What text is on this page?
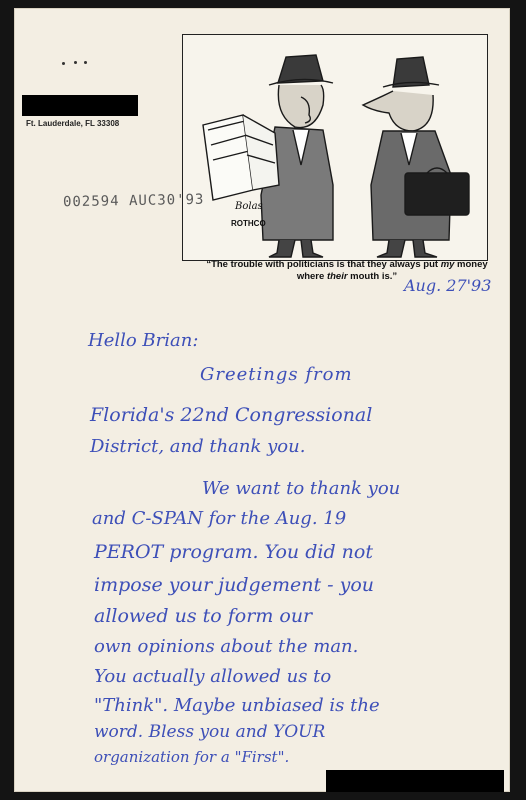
Ft. Lauderdale, FL 33308
Bolas
ROTHCO
“The trouble with politicians is that they always put my money
where their mouth is.”
002594 AUC30'93
Aug. 27'93
Hello Brian:
Greetings from
Florida's 22nd Congressional
District, and thank you.
We want to thank you
and C-SPAN for the Aug. 19
PEROT program. You did not
impose your judgement - you
allowed us to form our
own opinions about the man.
You actually allowed us to
"Think". Maybe unbiased is the
word. Bless you and YOUR
organization for a "First".
